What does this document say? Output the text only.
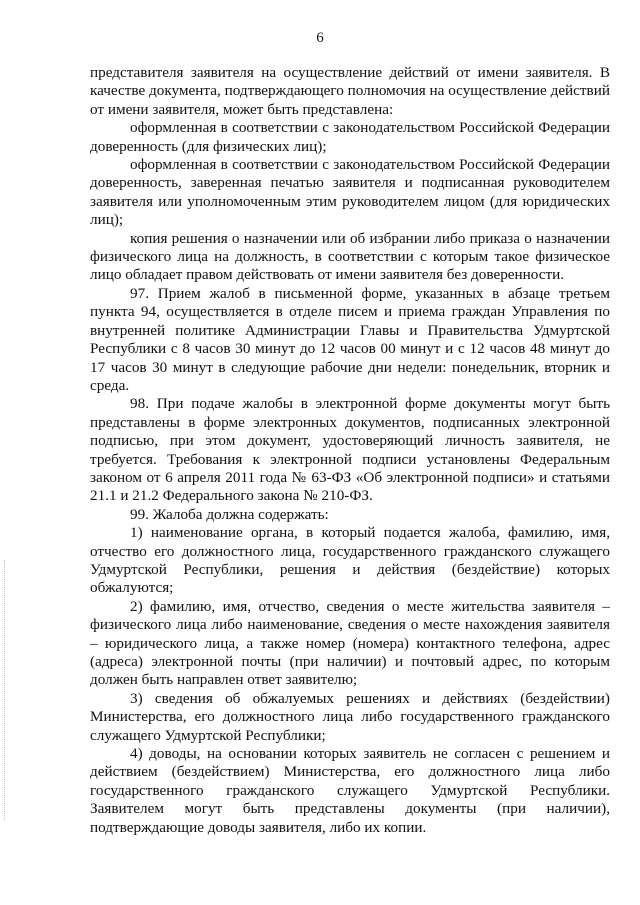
6

представителя заявителя на осуществление действий от имени заявителя. В качестве документа, подтверждающего полномочия на осуществление действий от имени заявителя, может быть представлена:

оформленная в соответствии с законодательством Российской Федерации доверенность (для физических лиц);

оформленная в соответствии с законодательством Российской Федерации доверенность, заверенная печатью заявителя и подписанная руководителем заявителя или уполномоченным этим руководителем лицом (для юридических лиц);

копия решения о назначении или об избрании либо приказа о назначении физического лица на должность, в соответствии с которым такое физическое лицо обладает правом действовать от имени заявителя без доверенности.

97. Прием жалоб в письменной форме, указанных в абзаце третьем пункта 94, осуществляется в отделе писем и приема граждан Управления по внутренней политике Администрации Главы и Правительства Удмуртской Республики с 8 часов 30 минут до 12 часов 00 минут и с 12 часов 48 минут до 17 часов 30 минут в следующие рабочие дни недели: понедельник, вторник и среда.

98. При подаче жалобы в электронной форме документы могут быть представлены в форме электронных документов, подписанных электронной подписью, при этом документ, удостоверяющий личность заявителя, не требуется. Требования к электронной подписи установлены Федеральным законом от 6 апреля 2011 года № 63-ФЗ «Об электронной подписи» и статьями 21.1 и 21.2 Федерального закона № 210-ФЗ.

99. Жалоба должна содержать:

1) наименование органа, в который подается жалоба, фамилию, имя, отчество его должностного лица, государственного гражданского служащего Удмуртской Республики, решения и действия (бездействие) которых обжалуются;

2) фамилию, имя, отчество, сведения о месте жительства заявителя – физического лица либо наименование, сведения о месте нахождения заявителя – юридического лица, а также номер (номера) контактного телефона, адрес (адреса) электронной почты (при наличии) и почтовый адрес, по которым должен быть направлен ответ заявителю;

3) сведения об обжалуемых решениях и действиях (бездействии) Министерства, его должностного лица либо государственного гражданского служащего Удмуртской Республики;

4) доводы, на основании которых заявитель не согласен с решением и действием (бездействием) Министерства, его должностного лица либо государственного гражданского служащего Удмуртской Республики. Заявителем могут быть представлены документы (при наличии), подтверждающие доводы заявителя, либо их копии.
